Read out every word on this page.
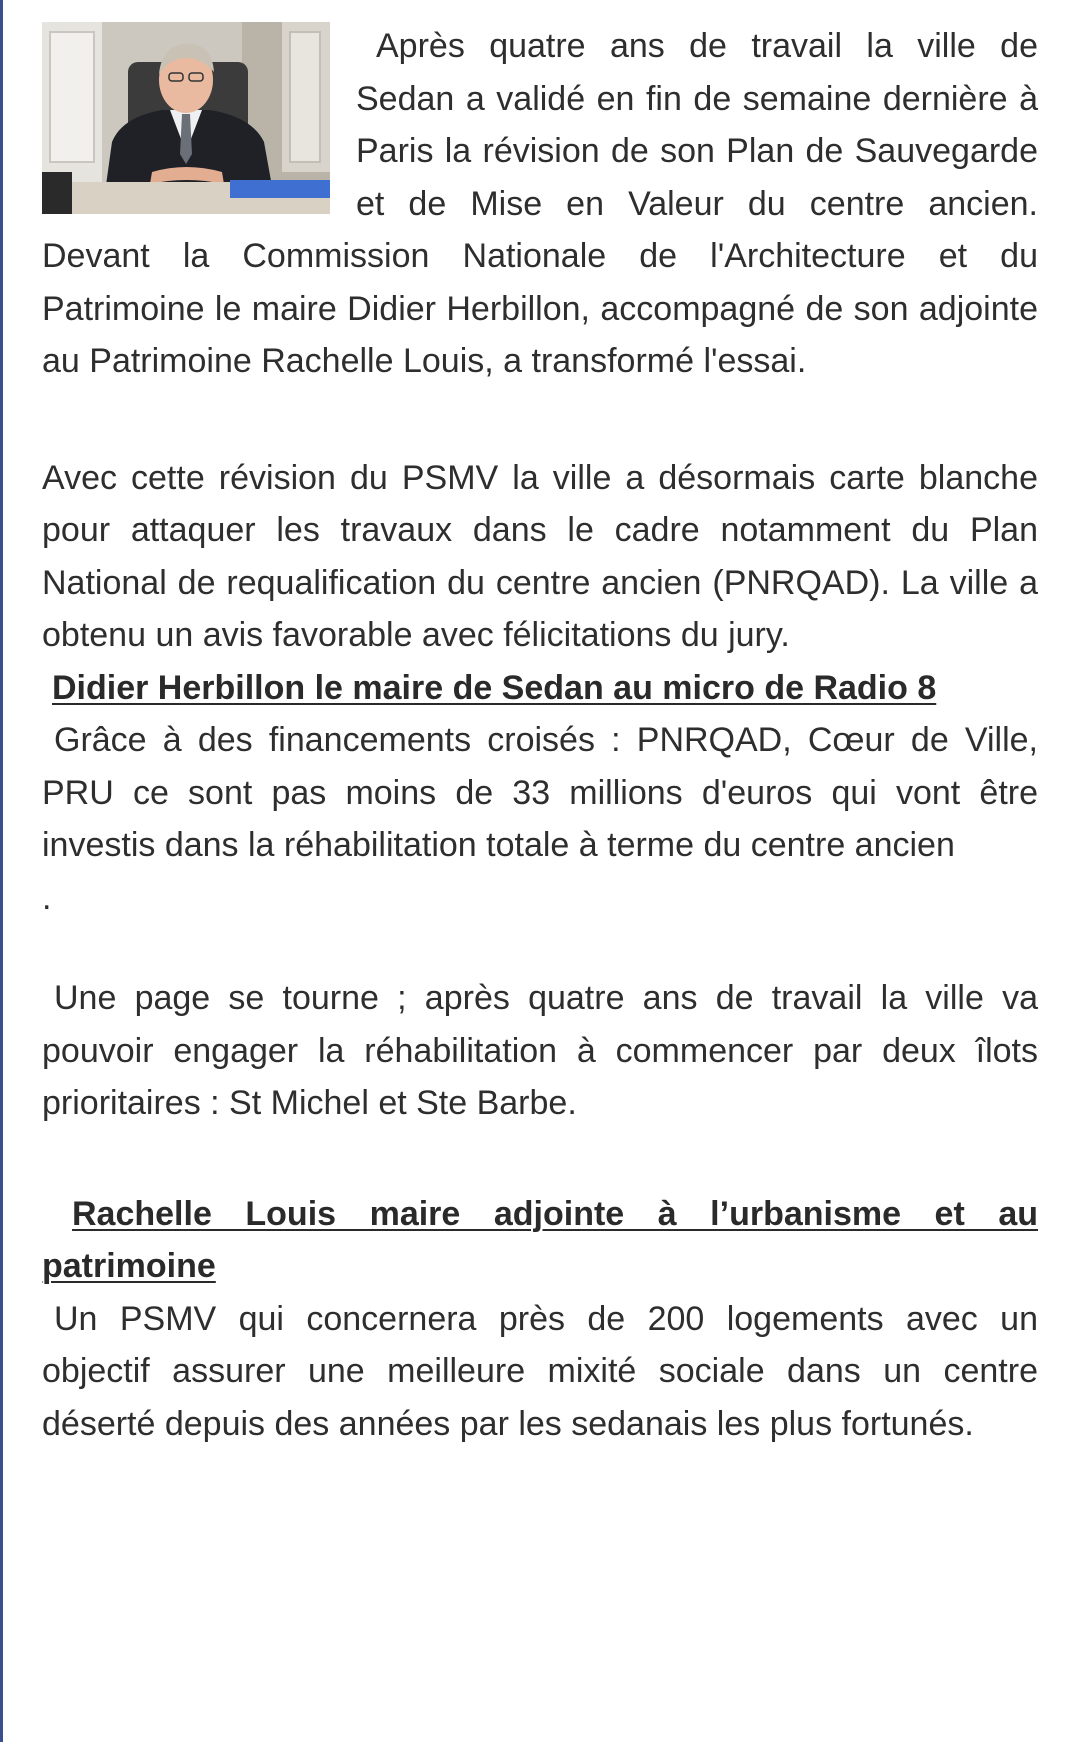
Après quatre ans de travail la ville de Sedan a validé en fin de semaine dernière à Paris la révision de son Plan de Sauvegarde et de Mise en Valeur du centre ancien. Devant la Commission Nationale de l'Architecture et du Patrimoine le maire Didier Herbillon, accompagné de son adjointe au Patrimoine Rachelle Louis, a transformé l'essai.

Avec cette révision du PSMV la ville a désormais carte blanche pour attaquer les travaux dans le cadre notamment du Plan National de requalification du centre ancien (PNRQAD). La ville a obtenu un avis favorable avec félicitations du jury.

Didier Herbillon le maire de Sedan au micro de Radio 8

Grâce à des financements croisés : PNRQAD, Cœur de Ville, PRU ce sont pas moins de 33 millions d'euros qui vont être investis dans la réhabilitation totale à terme du centre ancien

.

Une page se tourne ; après quatre ans de travail la ville va pouvoir engager la réhabilitation à commencer par deux îlots prioritaires : St Michel et Ste Barbe.

Rachelle Louis maire adjointe à l’urbanisme et au patrimoine

Un PSMV qui concernera près de 200 logements avec un objectif assurer une meilleure mixité sociale dans un centre déserté depuis des années par les sedanais les plus fortunés.
